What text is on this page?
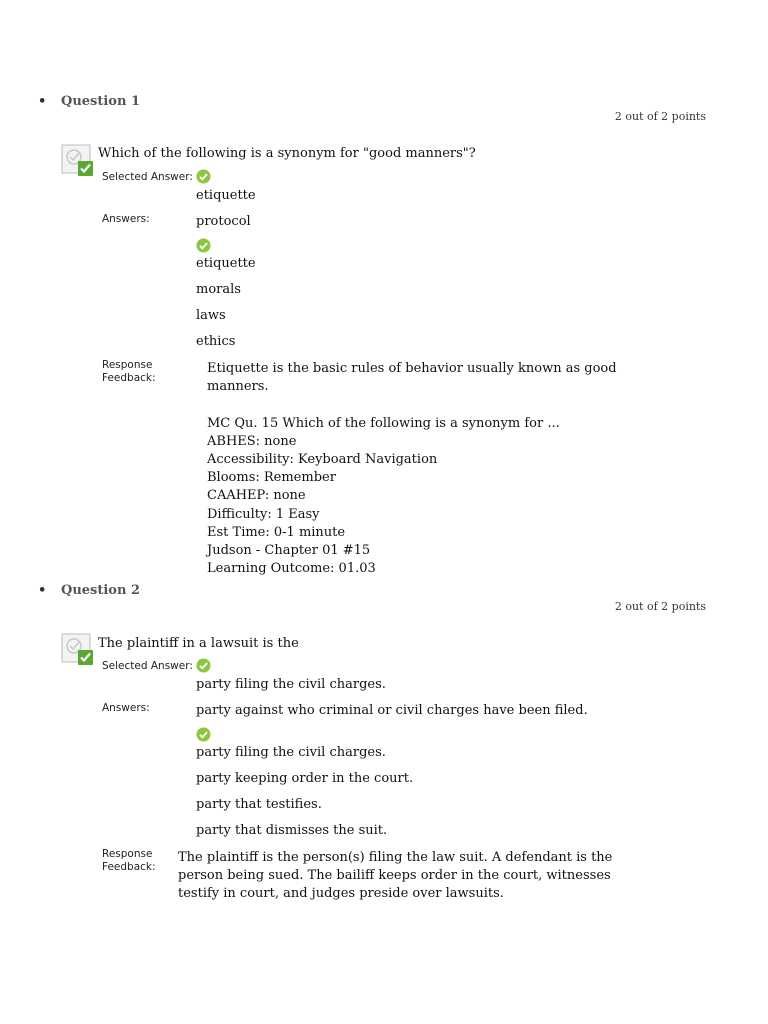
• Question 1
2 out of 2 points
Which of the following is a synonym for "good manners"?
Selected Answer:
etiquette
Answers:	protocol
etiquette
morals
laws
ethics
Response
Feedback:
Etiquette is the basic rules of behavior usually known as good
manners.
MC Qu. 15 Which of the following is a synonym for ...
ABHES: none
Accessibility: Keyboard Navigation
Blooms: Remember
CAAHEP: none
Difficulty: 1 Easy
Est Time: 0-1 minute
Judson - Chapter 01 #15
Learning Outcome: 01.03
• Question 2
2 out of 2 points
The plaintiff in a lawsuit is the
Selected Answer:
party filing the civil charges.
Answers:	party against who criminal or civil charges have been filed.
party filing the civil charges.
party keeping order in the court.
party that testifies.
party that dismisses the suit.
Response
Feedback:
The plaintiff is the person(s) filing the law suit. A defendant is the
person being sued. The bailiff keeps order in the court, witnesses
testify in court, and judges preside over lawsuits.
